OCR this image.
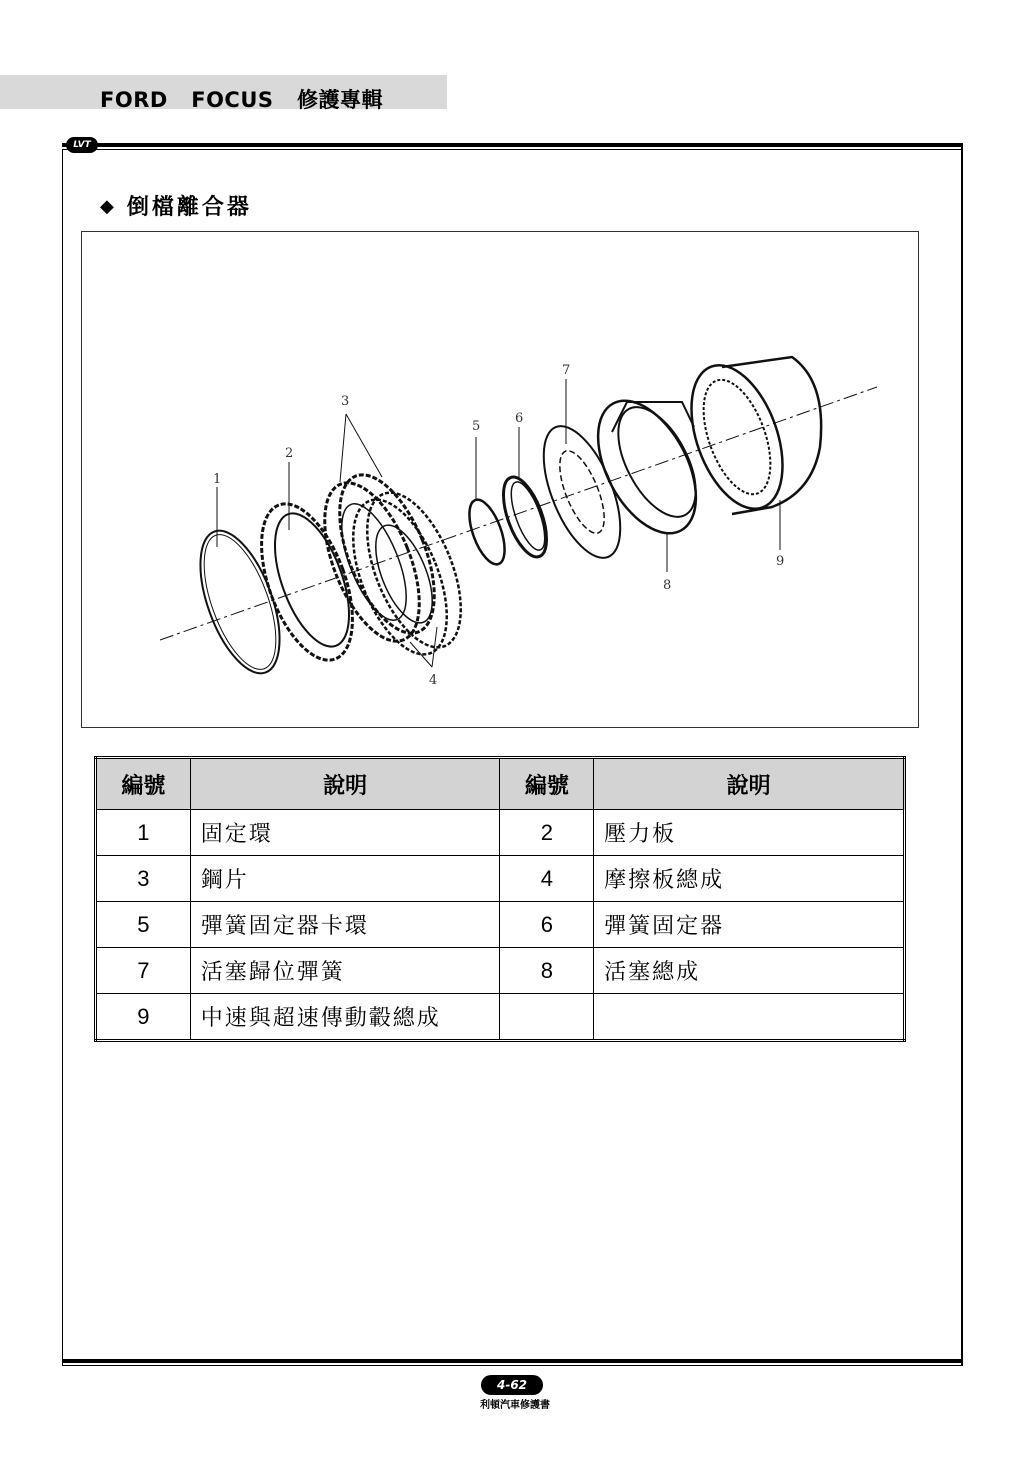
FORD   FOCUS   修護專輯
LVT
◆ 倒檔離合器
1
2
3
4
5
6
7
8
9
編號	說明	編號	說明
1	固定環	2	壓力板
3	鋼片	4	摩擦板總成
5	彈簧固定器卡環	6	彈簧固定器
7	活塞歸位彈簧	8	活塞總成
9	中速與超速傳動轂總成		
4-62
利頓汽車修護書
